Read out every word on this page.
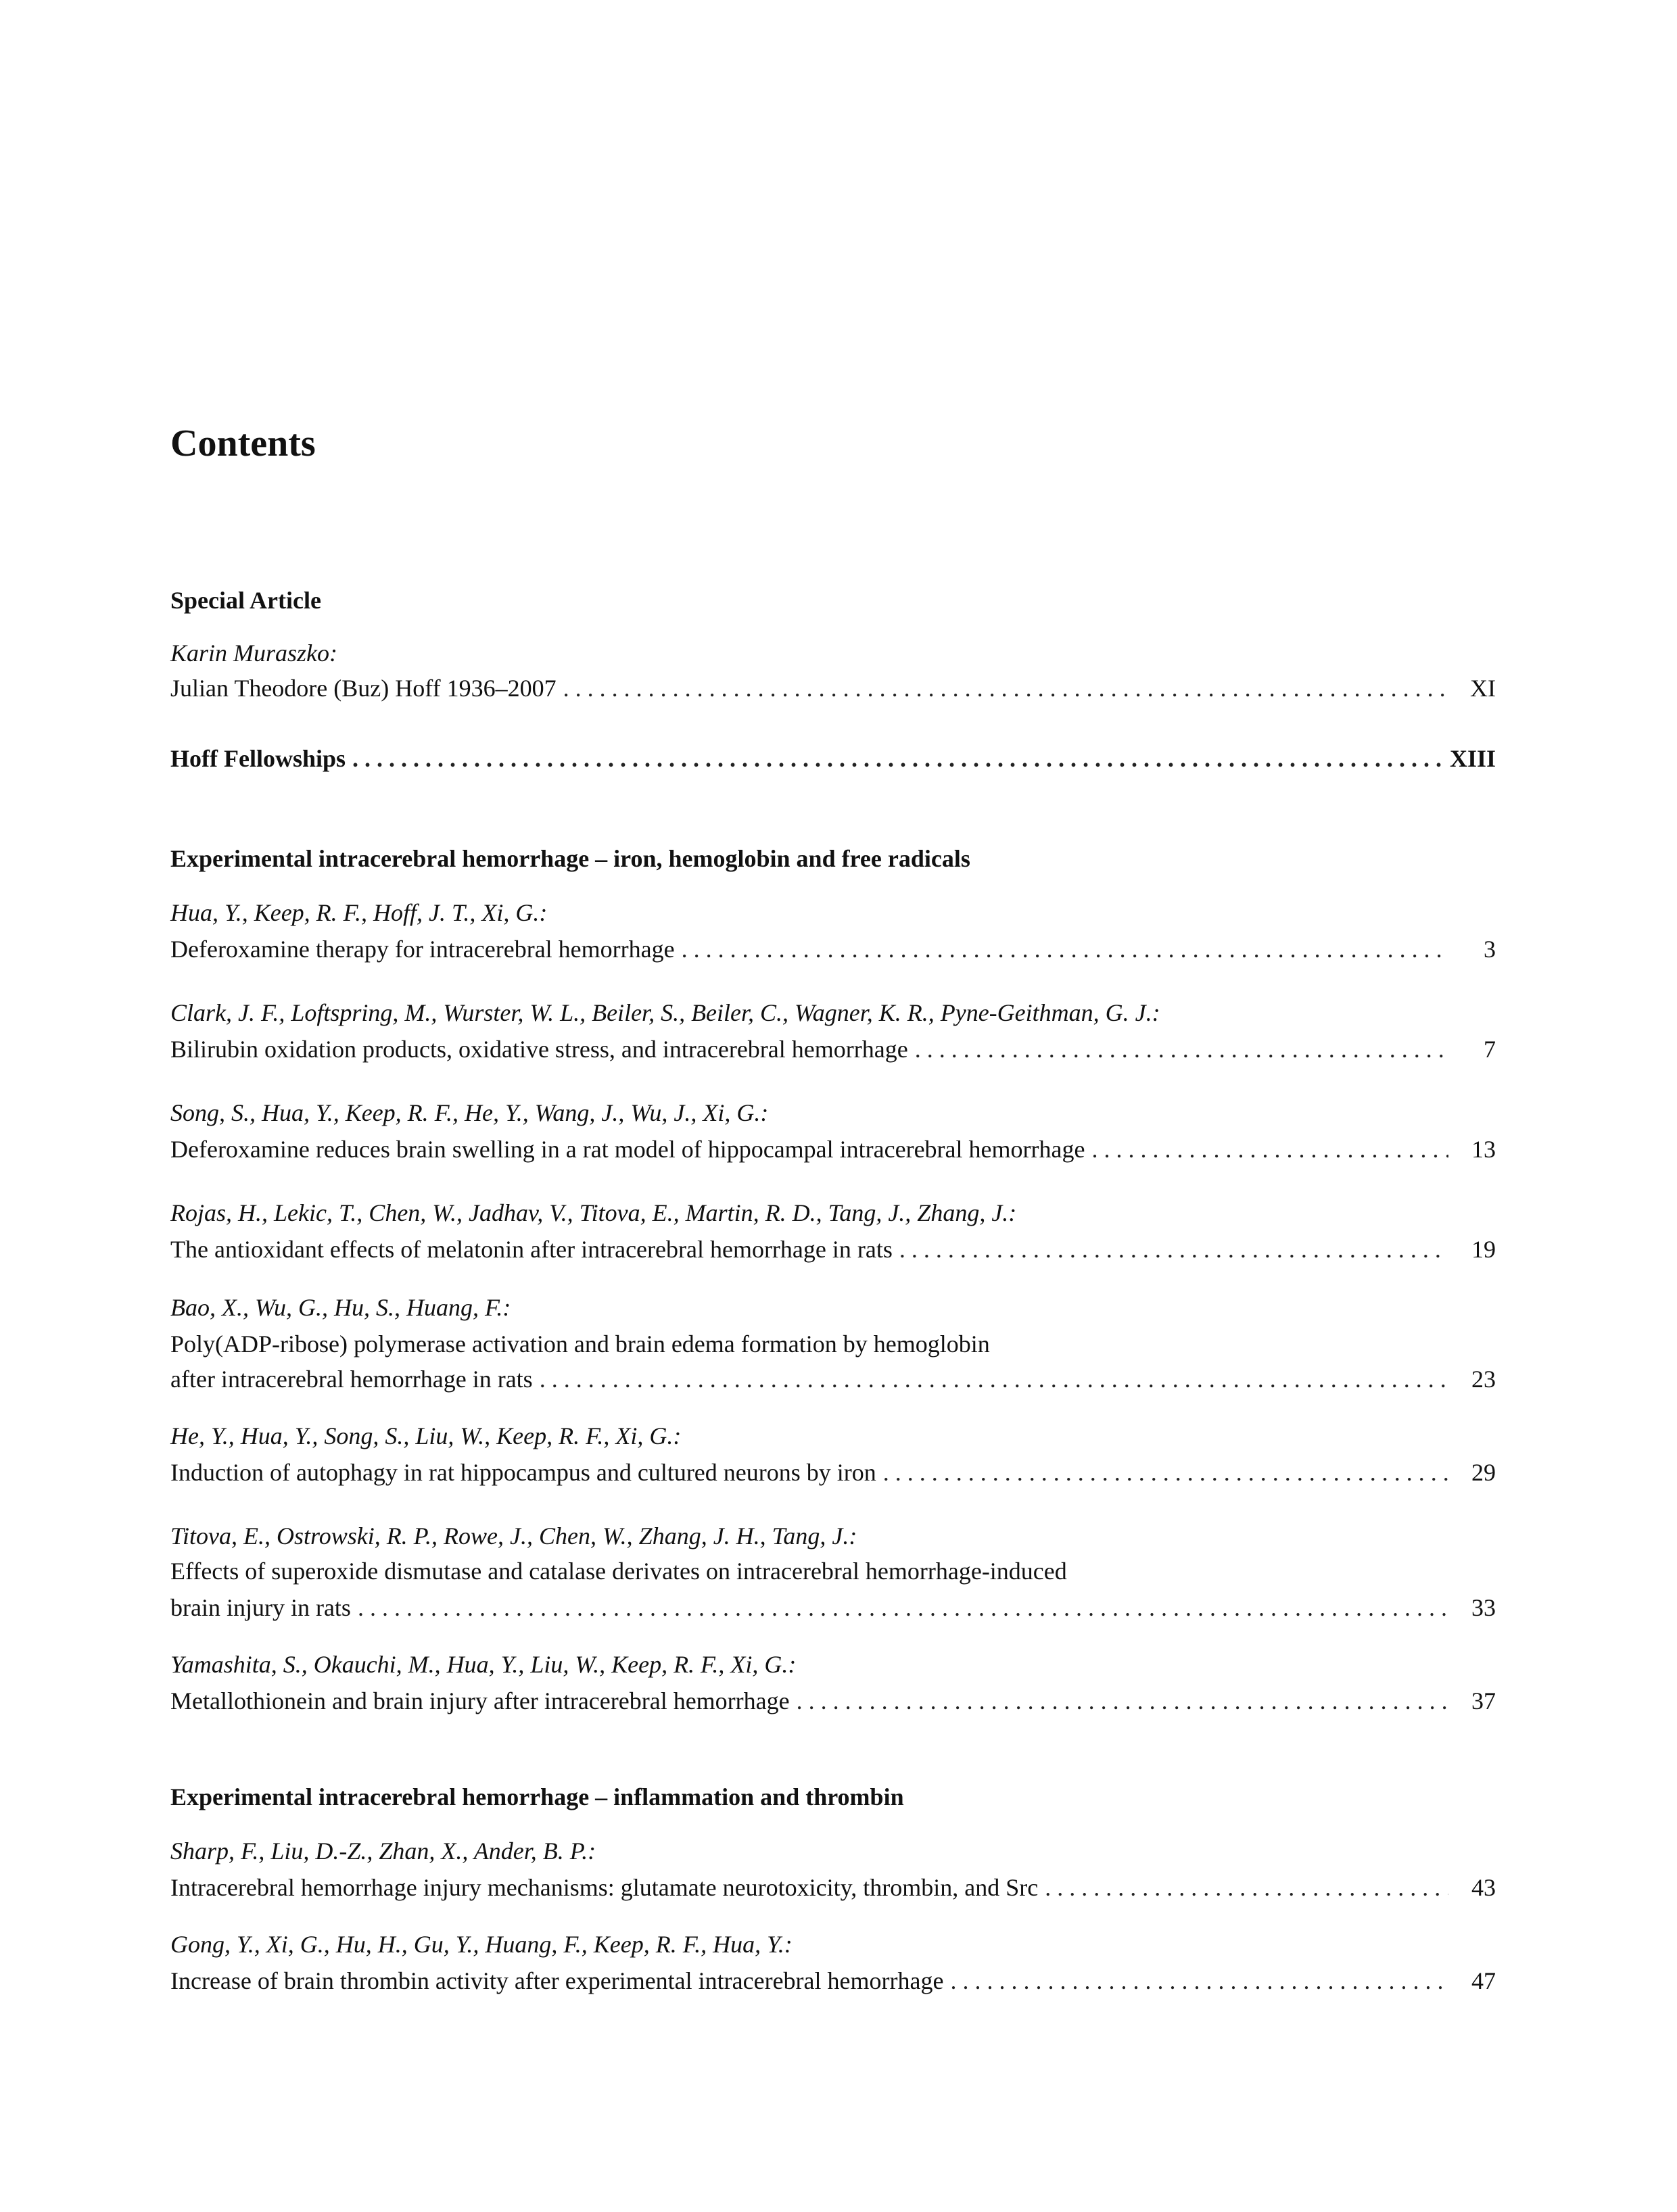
Contents
Special Article
Karin Muraszko:
Julian Theodore (Buz) Hoff 1936–2007 . . .	XI
Hoff Fellowships . . .	XIII
Experimental intracerebral hemorrhage – iron, hemoglobin and free radicals
Hua, Y., Keep, R. F., Hoff, J. T., Xi, G.:
Deferoxamine therapy for intracerebral hemorrhage . . .	3
Clark, J. F., Loftspring, M., Wurster, W. L., Beiler, S., Beiler, C., Wagner, K. R., Pyne-Geithman, G. J.:
Bilirubin oxidation products, oxidative stress, and intracerebral hemorrhage . . .	7
Song, S., Hua, Y., Keep, R. F., He, Y., Wang, J., Wu, J., Xi, G.:
Deferoxamine reduces brain swelling in a rat model of hippocampal intracerebral hemorrhage . . .	13
Rojas, H., Lekic, T., Chen, W., Jadhav, V., Titova, E., Martin, R. D., Tang, J., Zhang, J.:
The antioxidant effects of melatonin after intracerebral hemorrhage in rats . . .	19
Bao, X., Wu, G., Hu, S., Huang, F.:
Poly(ADP-ribose) polymerase activation and brain edema formation by hemoglobin
after intracerebral hemorrhage in rats . . .	23
He, Y., Hua, Y., Song, S., Liu, W., Keep, R. F., Xi, G.:
Induction of autophagy in rat hippocampus and cultured neurons by iron . . .	29
Titova, E., Ostrowski, R. P., Rowe, J., Chen, W., Zhang, J. H., Tang, J.:
Effects of superoxide dismutase and catalase derivates on intracerebral hemorrhage-induced
brain injury in rats . . .	33
Yamashita, S., Okauchi, M., Hua, Y., Liu, W., Keep, R. F., Xi, G.:
Metallothionein and brain injury after intracerebral hemorrhage . . .	37
Experimental intracerebral hemorrhage – inflammation and thrombin
Sharp, F., Liu, D.-Z., Zhan, X., Ander, B. P.:
Intracerebral hemorrhage injury mechanisms: glutamate neurotoxicity, thrombin, and Src . . .	43
Gong, Y., Xi, G., Hu, H., Gu, Y., Huang, F., Keep, R. F., Hua, Y.:
Increase of brain thrombin activity after experimental intracerebral hemorrhage . . .	47
